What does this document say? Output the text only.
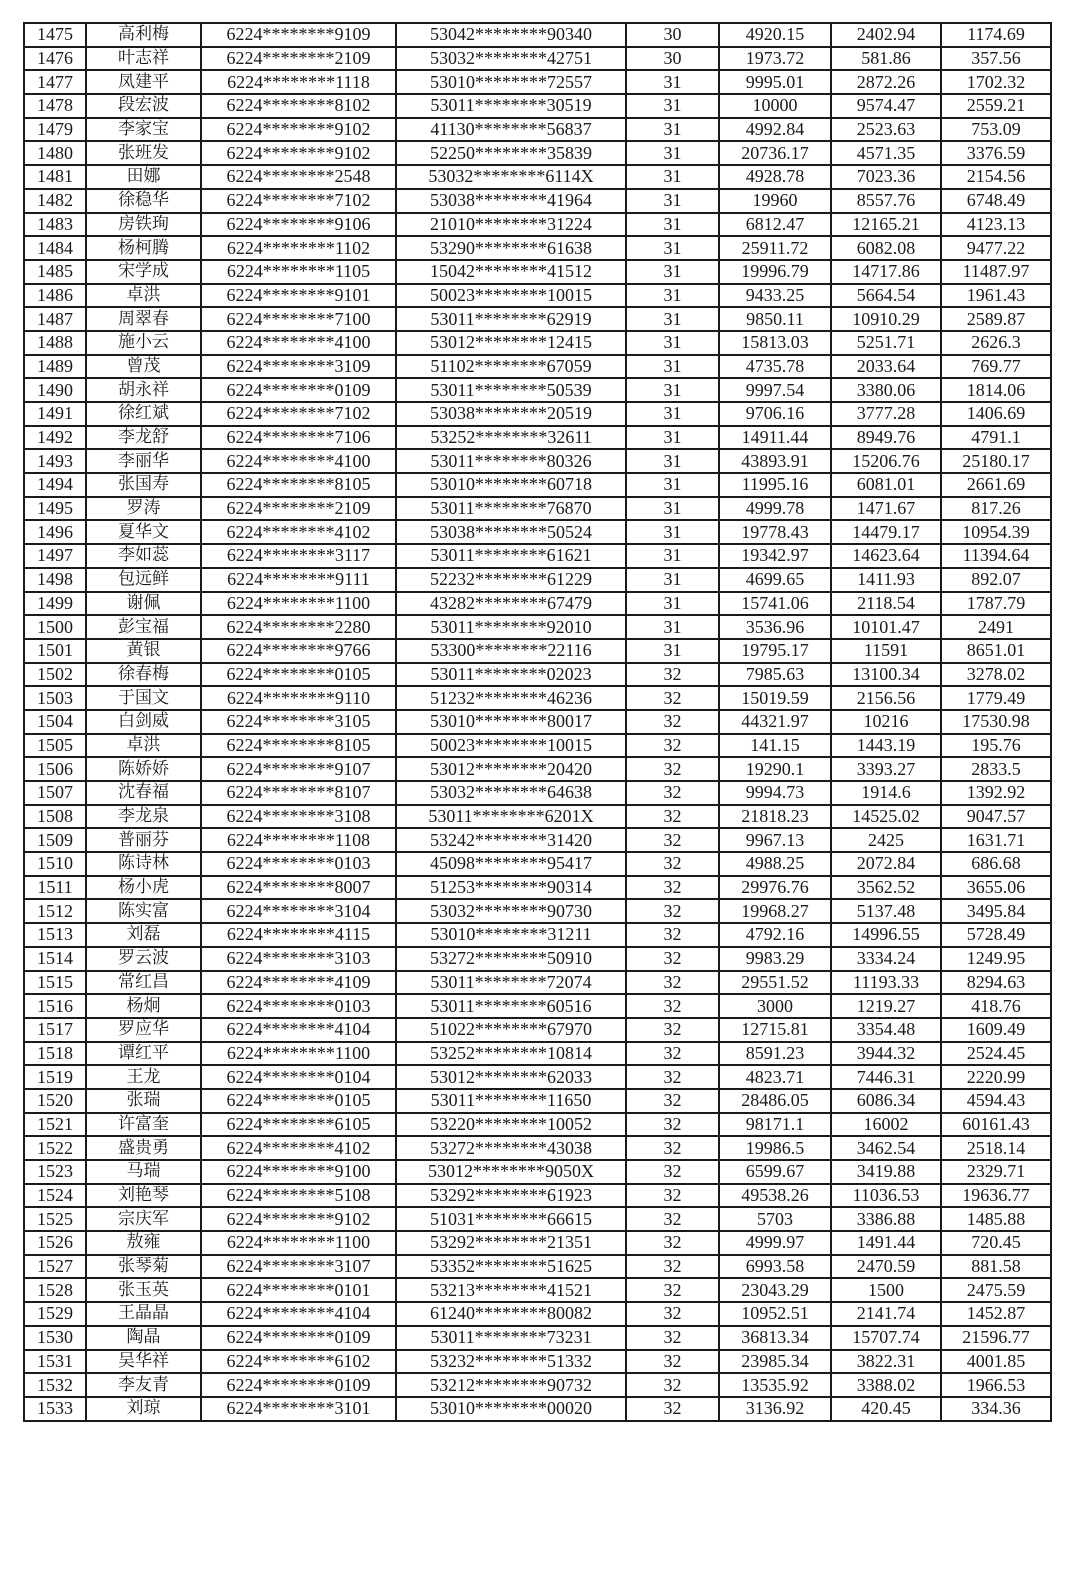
1475	高利梅	6224********9109	53042********90340	30	4920.15	2402.94	1174.69
1476	叶志祥	6224********2109	53032********42751	30	1973.72	581.86	357.56
1477	凤建平	6224********1118	53010********72557	31	9995.01	2872.26	1702.32
1478	段宏波	6224********8102	53011********30519	31	10000	9574.47	2559.21
1479	李家宝	6224********9102	41130********56837	31	4992.84	2523.63	753.09
1480	张班发	6224********9102	52250********35839	31	20736.17	4571.35	3376.59
1481	田娜	6224********2548	53032********6114X	31	4928.78	7023.36	2154.56
1482	徐稳华	6224********7102	53038********41964	31	19960	8557.76	6748.49
1483	房铁珣	6224********9106	21010********31224	31	6812.47	12165.21	4123.13
1484	杨柯腾	6224********1102	53290********61638	31	25911.72	6082.08	9477.22
1485	宋学成	6224********1105	15042********41512	31	19996.79	14717.86	11487.97
1486	卓洪	6224********9101	50023********10015	31	9433.25	5664.54	1961.43
1487	周翠春	6224********7100	53011********62919	31	9850.11	10910.29	2589.87
1488	施小云	6224********4100	53012********12415	31	15813.03	5251.71	2626.3
1489	曾茂	6224********3109	51102********67059	31	4735.78	2033.64	769.77
1490	胡永祥	6224********0109	53011********50539	31	9997.54	3380.06	1814.06
1491	徐红斌	6224********7102	53038********20519	31	9706.16	3777.28	1406.69
1492	李龙舒	6224********7106	53252********32611	31	14911.44	8949.76	4791.1
1493	李丽华	6224********4100	53011********80326	31	43893.91	15206.76	25180.17
1494	张国寿	6224********8105	53010********60718	31	11995.16	6081.01	2661.69
1495	罗涛	6224********2109	53011********76870	31	4999.78	1471.67	817.26
1496	夏华文	6224********4102	53038********50524	31	19778.43	14479.17	10954.39
1497	李如蕊	6224********3117	53011********61621	31	19342.97	14623.64	11394.64
1498	包远鲜	6224********9111	52232********61229	31	4699.65	1411.93	892.07
1499	谢佩	6224********1100	43282********67479	31	15741.06	2118.54	1787.79
1500	彭宝福	6224********2280	53011********92010	31	3536.96	10101.47	2491
1501	黄银	6224********9766	53300********22116	31	19795.17	11591	8651.01
1502	徐春梅	6224********0105	53011********02023	32	7985.63	13100.34	3278.02
1503	于国文	6224********9110	51232********46236	32	15019.59	2156.56	1779.49
1504	白剑威	6224********3105	53010********80017	32	44321.97	10216	17530.98
1505	卓洪	6224********8105	50023********10015	32	141.15	1443.19	195.76
1506	陈娇娇	6224********9107	53012********20420	32	19290.1	3393.27	2833.5
1507	沈春福	6224********8107	53032********64638	32	9994.73	1914.6	1392.92
1508	李龙泉	6224********3108	53011********6201X	32	21818.23	14525.02	9047.57
1509	普丽芬	6224********1108	53242********31420	32	9967.13	2425	1631.71
1510	陈诗林	6224********0103	45098********95417	32	4988.25	2072.84	686.68
1511	杨小虎	6224********8007	51253********90314	32	29976.76	3562.52	3655.06
1512	陈实富	6224********3104	53032********90730	32	19968.27	5137.48	3495.84
1513	刘磊	6224********4115	53010********31211	32	4792.16	14996.55	5728.49
1514	罗云波	6224********3103	53272********50910	32	9983.29	3334.24	1249.95
1515	常红昌	6224********4109	53011********72074	32	29551.52	11193.33	8294.63
1516	杨炯	6224********0103	53011********60516	32	3000	1219.27	418.76
1517	罗应华	6224********4104	51022********67970	32	12715.81	3354.48	1609.49
1518	谭红平	6224********1100	53252********10814	32	8591.23	3944.32	2524.45
1519	王龙	6224********0104	53012********62033	32	4823.71	7446.31	2220.99
1520	张瑞	6224********0105	53011********11650	32	28486.05	6086.34	4594.43
1521	许富奎	6224********6105	53220********10052	32	98171.1	16002	60161.43
1522	盛贵勇	6224********4102	53272********43038	32	19986.5	3462.54	2518.14
1523	马瑞	6224********9100	53012********9050X	32	6599.67	3419.88	2329.71
1524	刘艳琴	6224********5108	53292********61923	32	49538.26	11036.53	19636.77
1525	宗庆军	6224********9102	51031********66615	32	5703	3386.88	1485.88
1526	敖雍	6224********1100	53292********21351	32	4999.97	1491.44	720.45
1527	张琴菊	6224********3107	53352********51625	32	6993.58	2470.59	881.58
1528	张玉英	6224********0101	53213********41521	32	23043.29	1500	2475.59
1529	王晶晶	6224********4104	61240********80082	32	10952.51	2141.74	1452.87
1530	陶晶	6224********0109	53011********73231	32	36813.34	15707.74	21596.77
1531	吴华祥	6224********6102	53232********51332	32	23985.34	3822.31	4001.85
1532	李友青	6224********0109	53212********90732	32	13535.92	3388.02	1966.53
1533	刘琼	6224********3101	53010********00020	32	3136.92	420.45	334.36
